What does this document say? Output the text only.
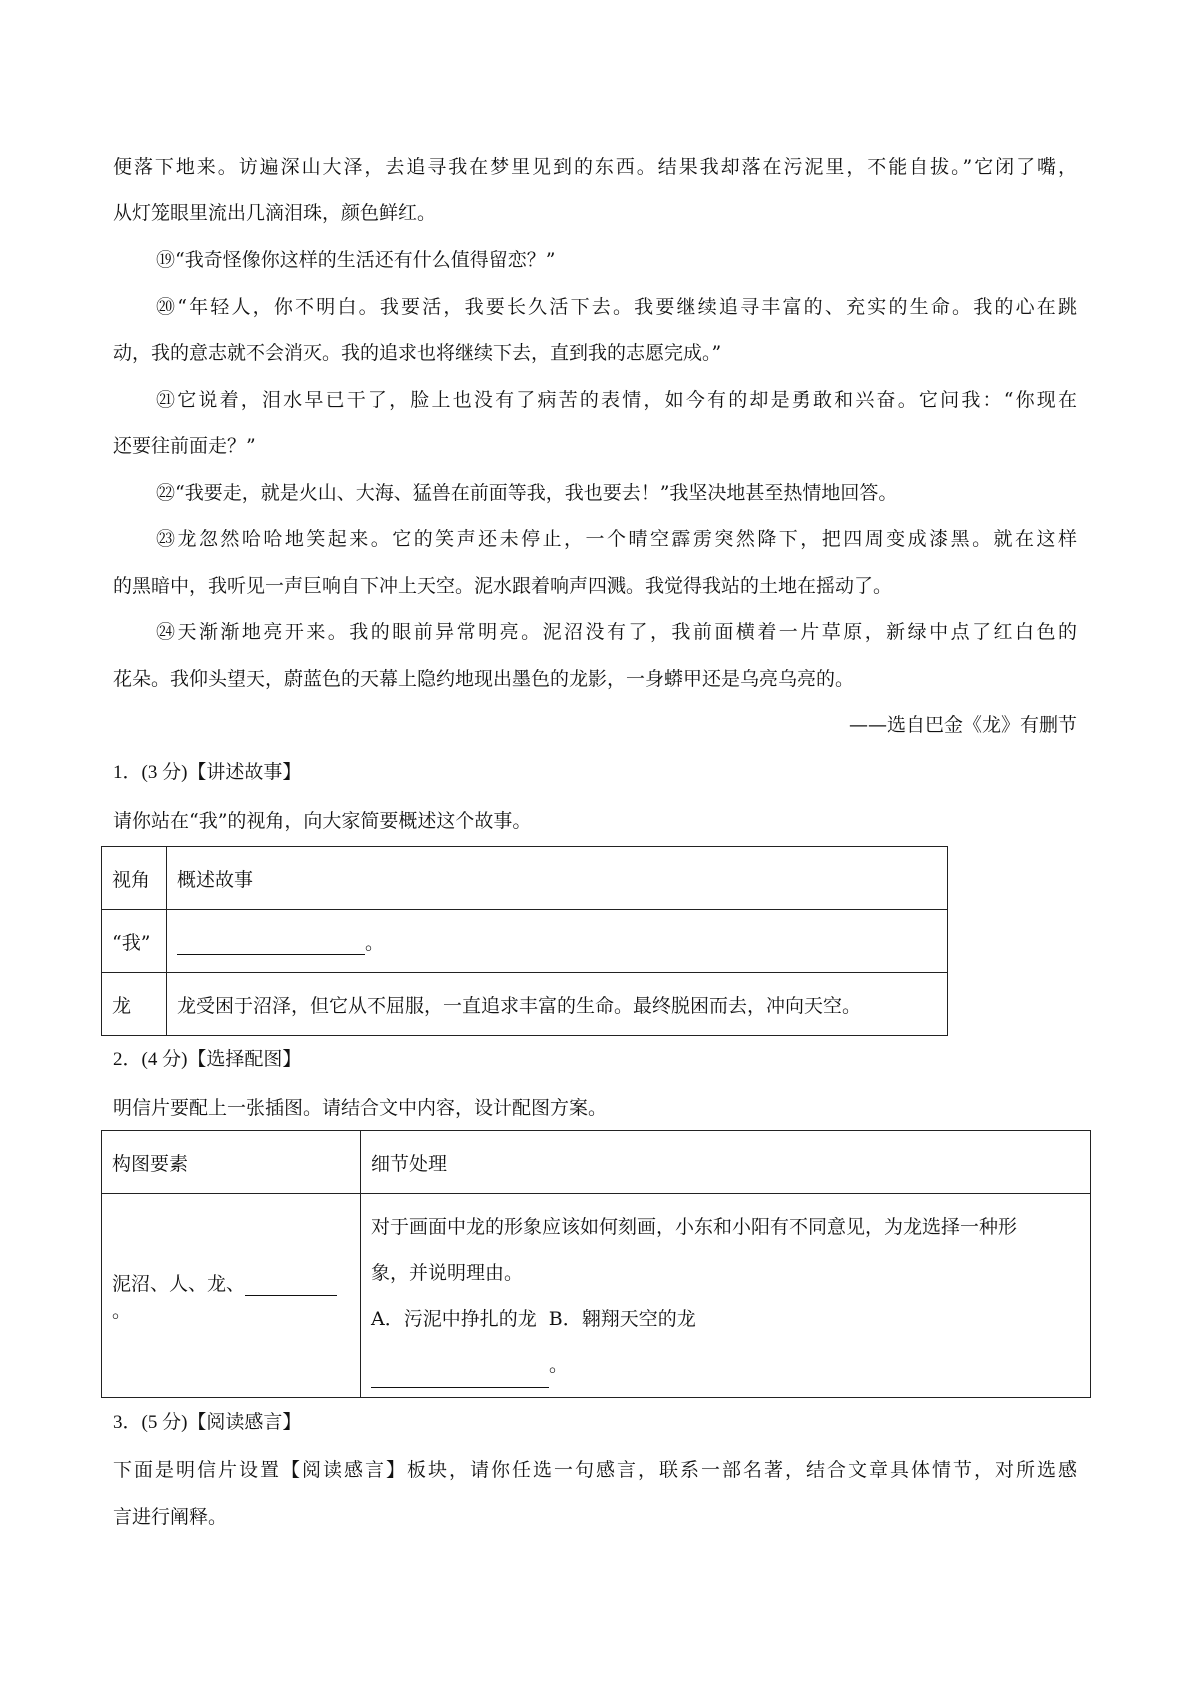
便落下地来。访遍深山大泽，去追寻我在梦里见到的东西。结果我却落在污泥里，不能自拔。”它闭了嘴，
从灯笼眼里流出几滴泪珠，颜色鲜红。
⑲“我奇怪像你这样的生活还有什么值得留恋？”
⑳“年轻人，你不明白。我要活，我要长久活下去。我要继续追寻丰富的、充实的生命。我的心在跳
动，我的意志就不会消灭。我的追求也将继续下去，直到我的志愿完成。”
㉑它说着，泪水早已干了，脸上也没有了病苦的表情，如今有的却是勇敢和兴奋。它问我：“你现在
还要往前面走？”
㉒“我要走，就是火山、大海、猛兽在前面等我，我也要去！”我坚决地甚至热情地回答。
㉓龙忽然哈哈地笑起来。它的笑声还未停止，一个晴空霹雳突然降下，把四周变成漆黑。就在这样
的黑暗中，我听见一声巨响自下冲上天空。泥水跟着响声四溅。我觉得我站的土地在摇动了。
㉔天渐渐地亮开来。我的眼前异常明亮。泥沼没有了，我前面横着一片草原，新绿中点了红白色的
花朵。我仰头望天，蔚蓝色的天幕上隐约地现出墨色的龙影，一身蟒甲还是乌亮乌亮的。
——选自巴金《龙》有删节
1．(3 分)【讲述故事】
请你站在“我”的视角，向大家简要概述这个故事。
视角	概述故事
“我”	。
龙	龙受困于沼泽，但它从不屈服，一直追求丰富的生命。最终脱困而去，冲向天空。
2．(4 分)【选择配图】
明信片要配上一张插图。请结合文中内容，设计配图方案。
构图要素	细节处理
泥沼、人、龙、。	对于画面中龙的形象应该如何刻画，小东和小阳有不同意见，为龙选择一种形
象，并说明理由。
A．污泥中挣扎的龙  B．翱翔天空的龙
。
3．(5 分)【阅读感言】
下面是明信片设置【阅读感言】板块，请你任选一句感言，联系一部名著，结合文章具体情节，对所选感
言进行阐释。
